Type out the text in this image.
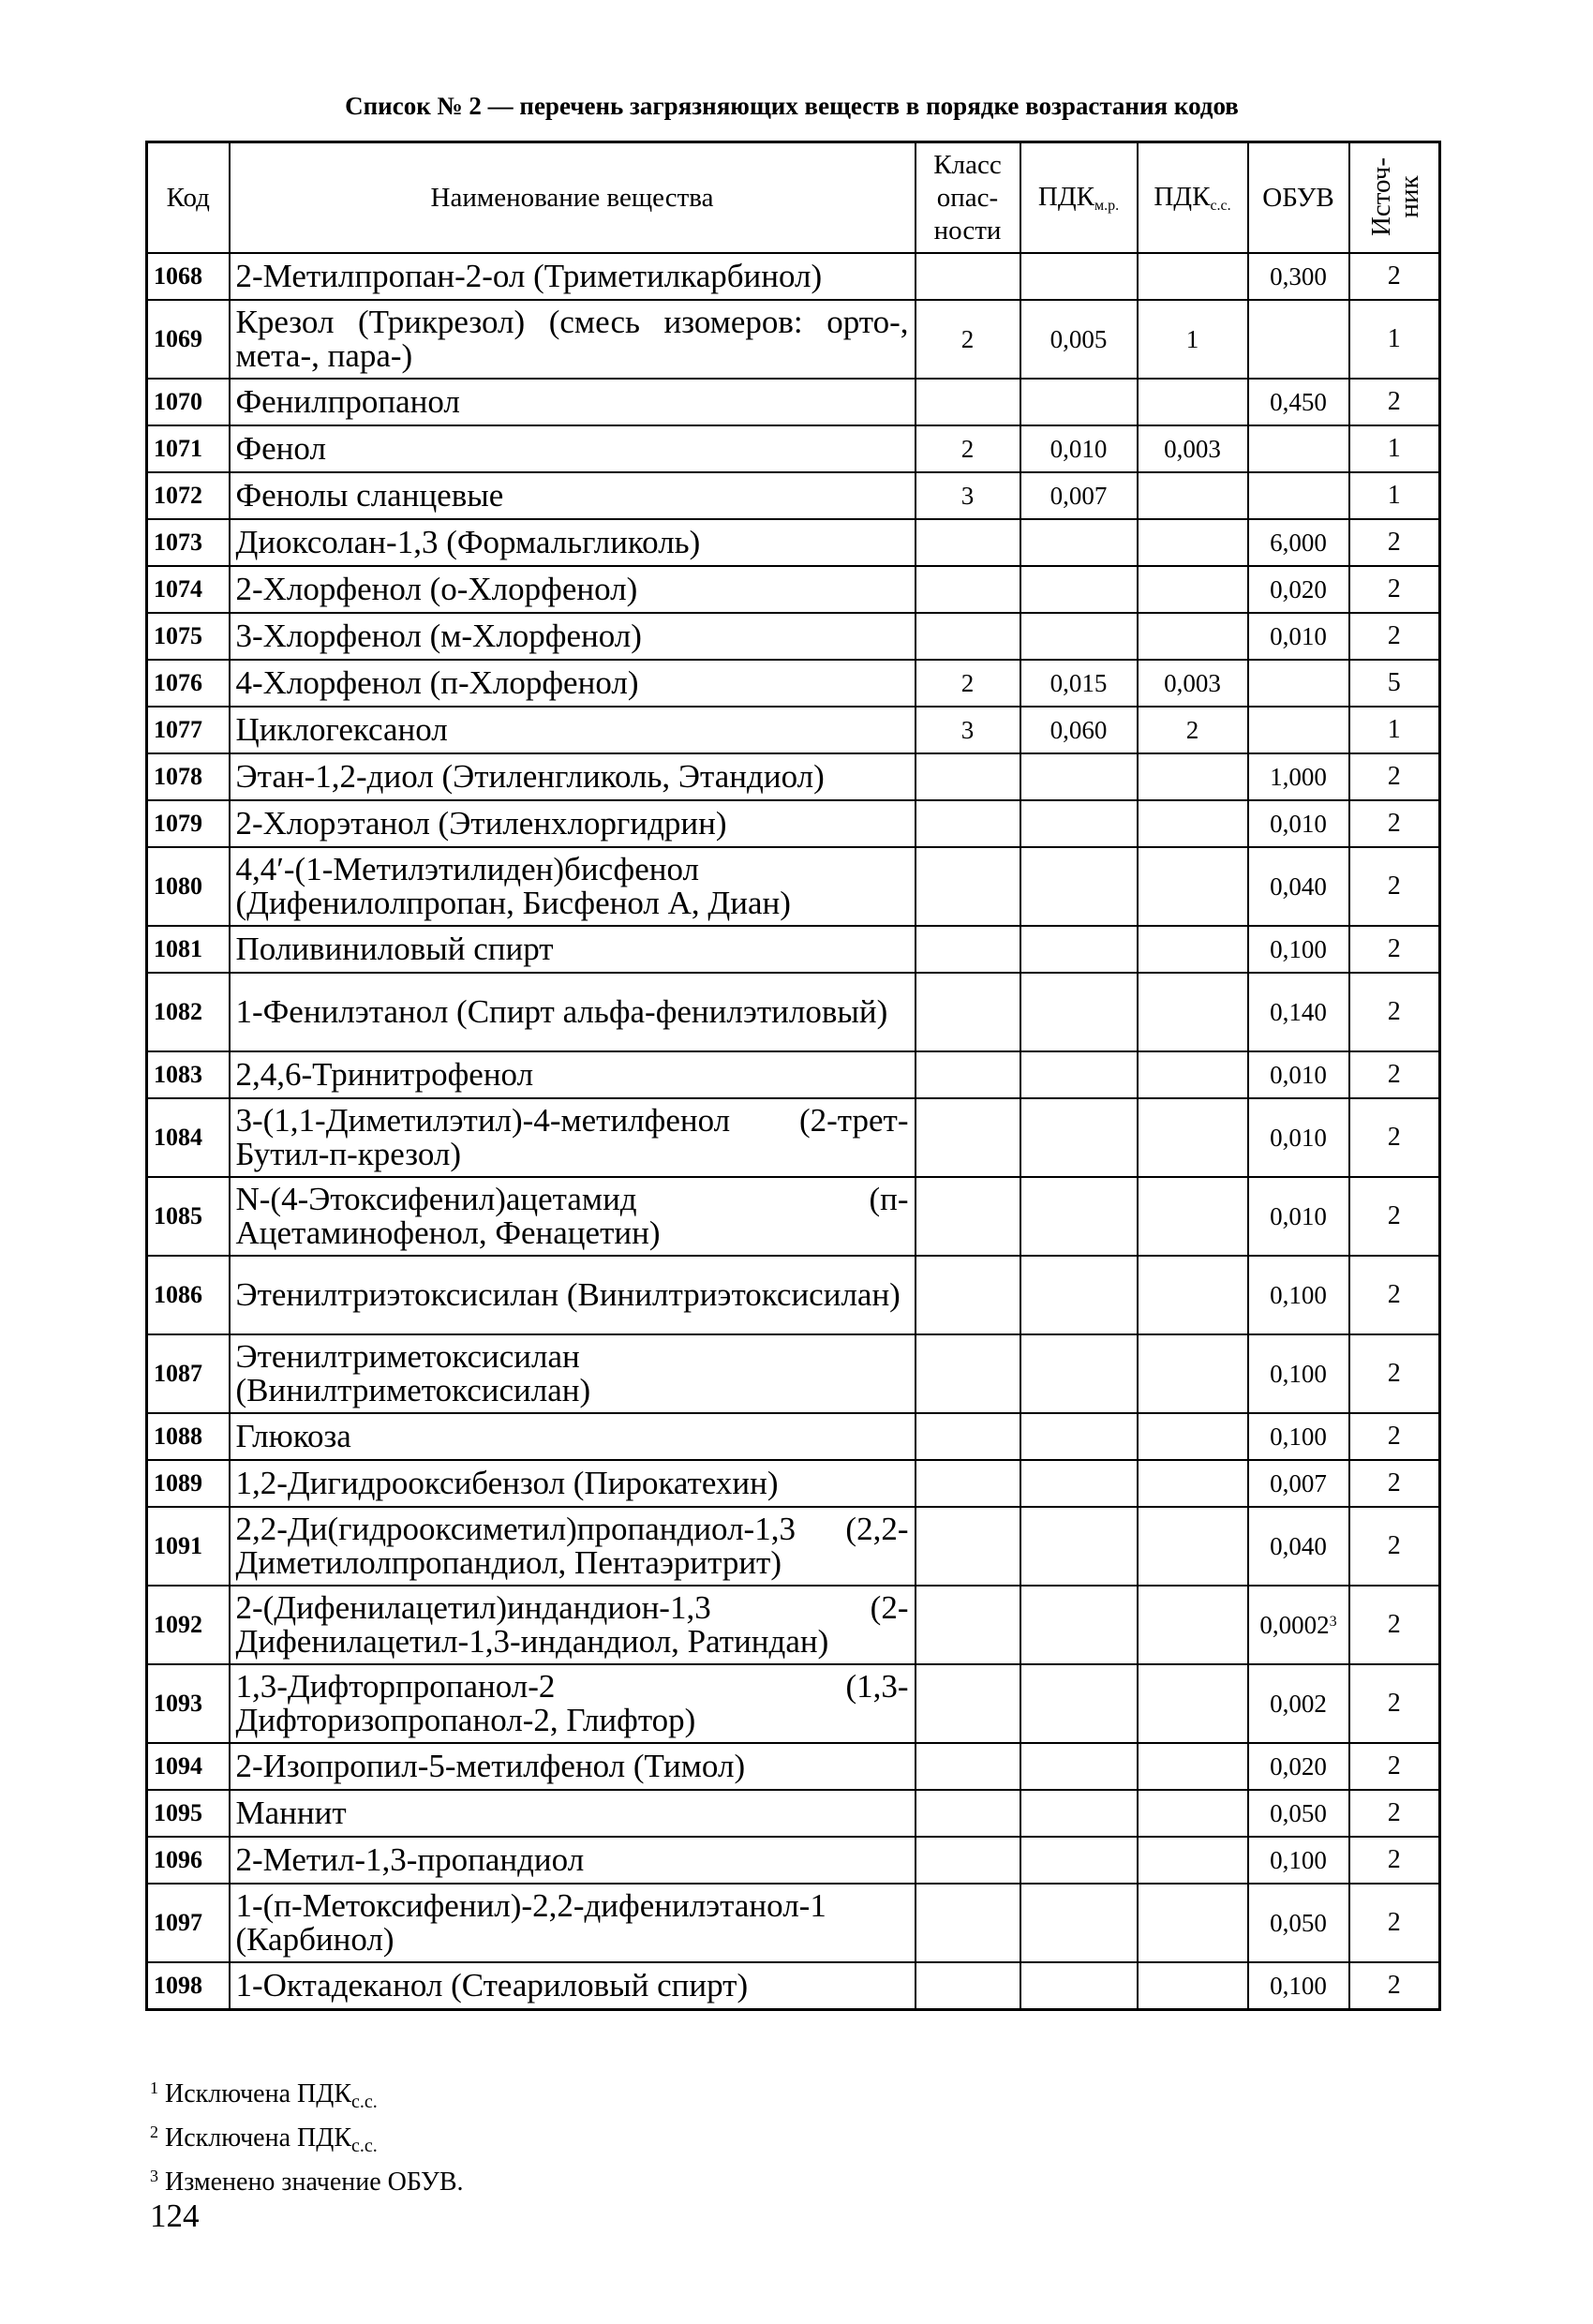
Список № 2 — перечень загрязняющих веществ в порядке возрастания кодов
Код	Наименование вещества	Класс
опас-
ности	$ПДК_{м.р.}$	$ПДК_{с.с.}$	ОБУВ	Источ-
ник
1068	2-Метилпропан-2-ол (Триметилкарбинол)				0,300	2
1069	Крезол (Трикрезол) (смесь изомеров: орто-, мета-, пара-)	2	0,005	1		1
1070	Фенилпропанол				0,450	2
1071	Фенол	2	0,010	0,003		1
1072	Фенолы сланцевые	3	0,007			1
1073	Диоксолан-1,3 (Формальгликоль)				6,000	2
1074	2-Хлорфенол (о-Хлорфенол)				0,020	2
1075	3-Хлорфенол (м-Хлорфенол)				0,010	2
1076	4-Хлорфенол (п-Хлорфенол)	2	0,015	0,003		5
1077	Циклогексанол	3	0,060	2		1
1078	Этан-1,2-диол (Этиленгликоль, Этандиол)				1,000	2
1079	2-Хлорэтанол (Этиленхлоргидрин)				0,010	2
1080	4,4′-(1-Метилэтилиден)бисфенол (Дифенилолпропан, Бисфенол А, Диан)				0,040	2
1081	Поливиниловый спирт				0,100	2
1082	1-Фенилэтанол (Спирт альфа-фенилэтиловый)				0,140	2
1083	2,4,6-Тринитрофенол				0,010	2
1084	3-(1,1-Диметилэтил)-4-метилфенол (2-трет-Бутил-п-крезол)				0,010	2
1085	N-(4-Этоксифенил)ацетамид (п-Ацетаминофенол, Фенацетин)				0,010	2
1086	Этенилтриэтоксисилан (Винилтриэтоксисилан)				0,100	2
1087	Этенилтриметоксисилан (Винилтриметоксисилан)				0,100	2
1088	Глюкоза				0,100	2
1089	1,2-Дигидрооксибензол (Пирокатехин)				0,007	2
1091	2,2-Ди(гидрооксиметил)пропандиол-1,3 (2,2-Диметилолпропандиол, Пентаэритрит)				0,040	2
1092	2-(Дифенилацетил)индандион-1,3 (2-Дифенилацетил-1,3-индандиол, Ратиндан)				0,0002$^3$	2
1093	1,3-Дифторпропанол-2 (1,3-Дифторизопропанол-2, Глифтор)				0,002	2
1094	2-Изопропил-5-метилфенол (Тимол)				0,020	2
1095	Маннит				0,050	2
1096	2-Метил-1,3-пропандиол				0,100	2
1097	1-(п-Метоксифенил)-2,2-дифенилэтанол-1 (Карбинол)				0,050	2
1098	1-Октадеканол (Стеариловый спирт)				0,100	2
$^1$ Исключена $ПДК_{с.с.}$
$^2$ Исключена $ПДК_{с.с.}$
$^3$ Изменено значение ОБУВ.
124
